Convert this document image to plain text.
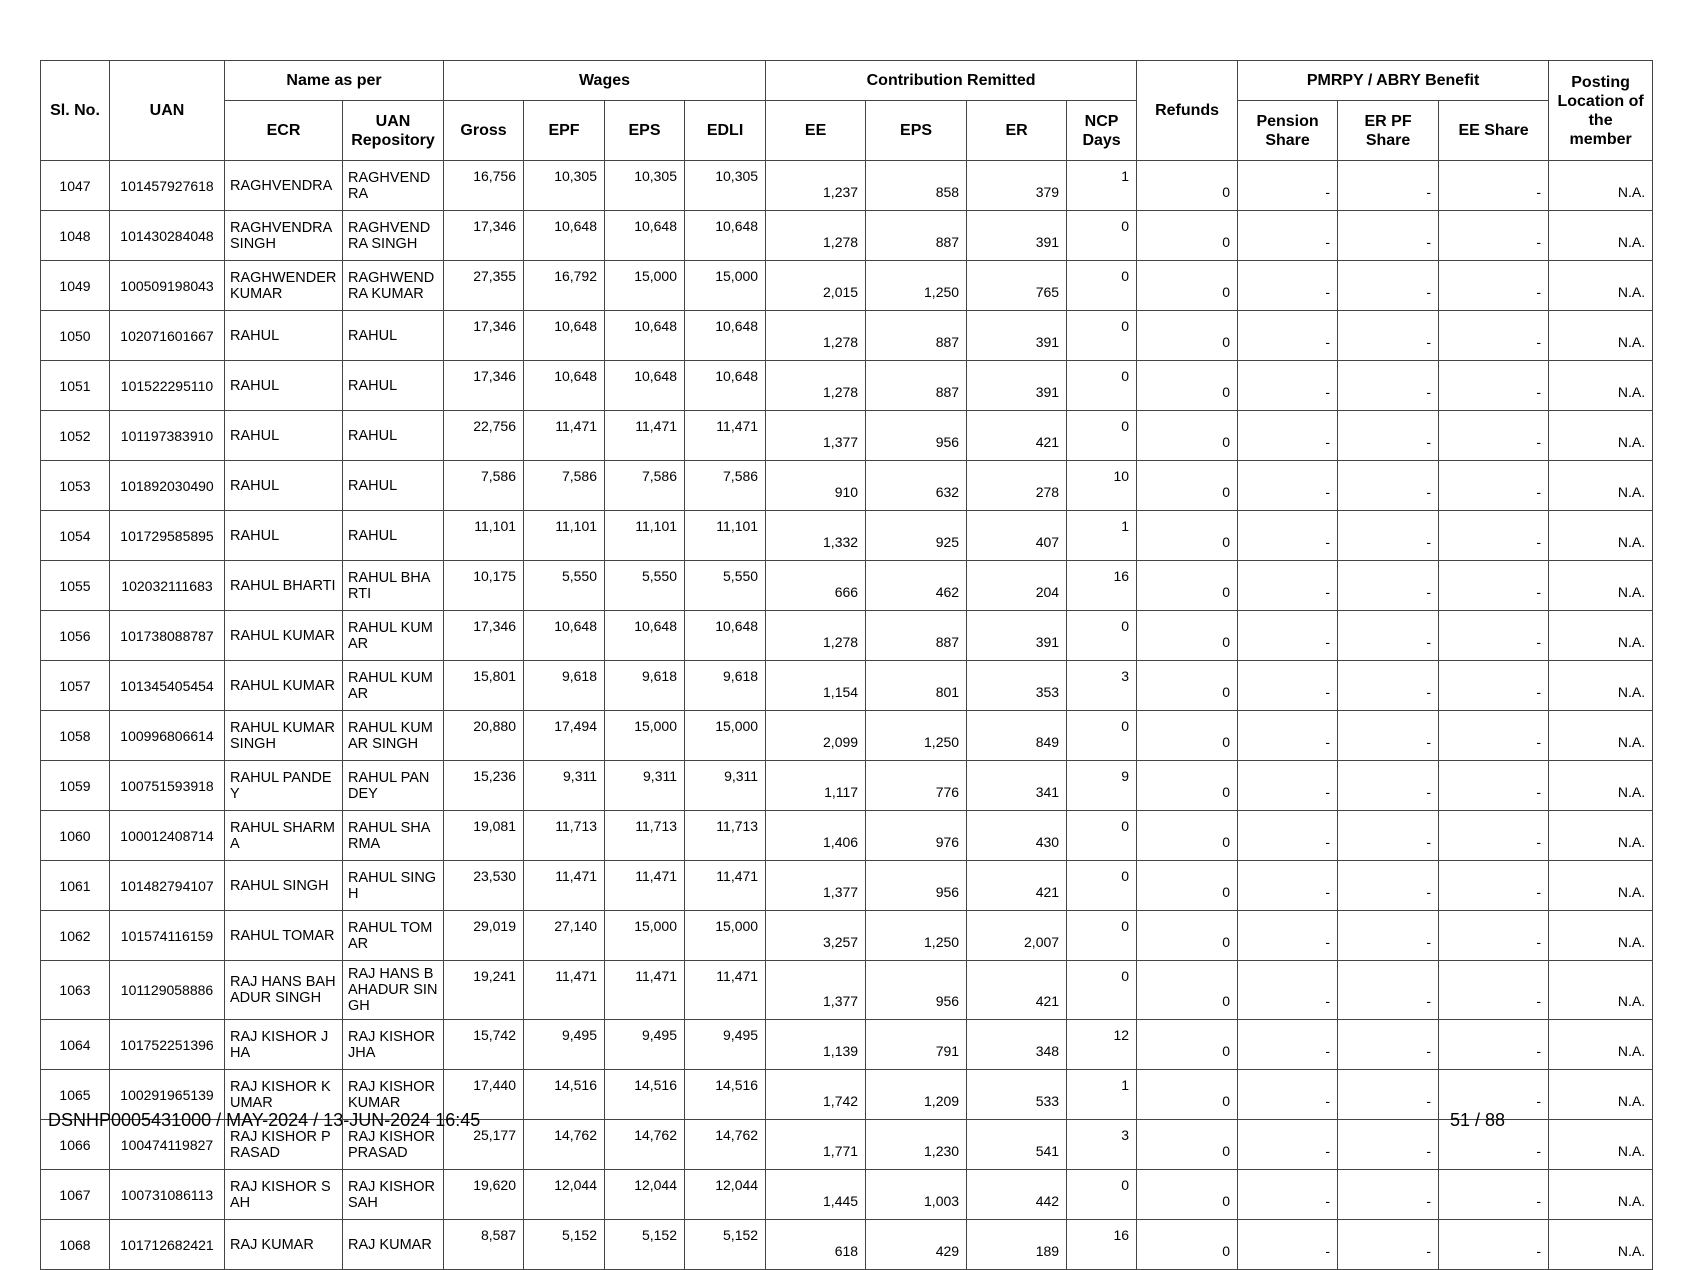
Sl. No.	UAN	Name as per		Wages				Contribution Remitted				Refunds	PMRPY / ABRY Benefit			Posting Location of the member
		ECR	UAN Repository	Gross	EPF	EPS	EDLI	EE	EPS	ER	NCP Days		Pension Share	ER PF Share	EE Share	
1047	101457927618	RAGHVENDRA	RAGHVENDRA	16,756	10,305	10,305	10,305	1,237	858	379	1	0	-	-	-	N.A.
1048	101430284048	RAGHVENDRA SINGH	RAGHVENDRA SINGH	17,346	10,648	10,648	10,648	1,278	887	391	0	0	-	-	-	N.A.
1049	100509198043	RAGHWENDER KUMAR	RAGHWENDRA KUMAR	27,355	16,792	15,000	15,000	2,015	1,250	765	0	0	-	-	-	N.A.
1050	102071601667	RAHUL	RAHUL	17,346	10,648	10,648	10,648	1,278	887	391	0	0	-	-	-	N.A.
1051	101522295110	RAHUL	RAHUL	17,346	10,648	10,648	10,648	1,278	887	391	0	0	-	-	-	N.A.
1052	101197383910	RAHUL	RAHUL	22,756	11,471	11,471	11,471	1,377	956	421	0	0	-	-	-	N.A.
1053	101892030490	RAHUL	RAHUL	7,586	7,586	7,586	7,586	910	632	278	10	0	-	-	-	N.A.
1054	101729585895	RAHUL	RAHUL	11,101	11,101	11,101	11,101	1,332	925	407	1	0	-	-	-	N.A.
1055	102032111683	RAHUL BHARTI	RAHUL BHARTI	10,175	5,550	5,550	5,550	666	462	204	16	0	-	-	-	N.A.
1056	101738088787	RAHUL KUMAR	RAHUL KUMAR	17,346	10,648	10,648	10,648	1,278	887	391	0	0	-	-	-	N.A.
1057	101345405454	RAHUL KUMAR	RAHUL KUMAR	15,801	9,618	9,618	9,618	1,154	801	353	3	0	-	-	-	N.A.
1058	100996806614	RAHUL KUMAR SINGH	RAHUL KUMAR SINGH	20,880	17,494	15,000	15,000	2,099	1,250	849	0	0	-	-	-	N.A.
1059	100751593918	RAHUL PANDEY	RAHUL PANDEY	15,236	9,311	9,311	9,311	1,117	776	341	9	0	-	-	-	N.A.
1060	100012408714	RAHUL SHARMA	RAHUL SHARMA	19,081	11,713	11,713	11,713	1,406	976	430	0	0	-	-	-	N.A.
1061	101482794107	RAHUL SINGH	RAHUL SINGH	23,530	11,471	11,471	11,471	1,377	956	421	0	0	-	-	-	N.A.
1062	101574116159	RAHUL TOMAR	RAHUL TOMAR	29,019	27,140	15,000	15,000	3,257	1,250	2,007	0	0	-	-	-	N.A.
1063	101129058886	RAJ HANS BAHADUR SINGH	RAJ HANS BAHADUR SINGH	19,241	11,471	11,471	11,471	1,377	956	421	0	0	-	-	-	N.A.
1064	101752251396	RAJ KISHOR JHA	RAJ KISHOR JHA	15,742	9,495	9,495	9,495	1,139	791	348	12	0	-	-	-	N.A.
1065	100291965139	RAJ KISHOR KUMAR	RAJ KISHOR KUMAR	17,440	14,516	14,516	14,516	1,742	1,209	533	1	0	-	-	-	N.A.
1066	100474119827	RAJ KISHOR PRASAD	RAJ KISHOR PRASAD	25,177	14,762	14,762	14,762	1,771	1,230	541	3	0	-	-	-	N.A.
1067	100731086113	RAJ KISHOR SAH	RAJ KISHOR SAH	19,620	12,044	12,044	12,044	1,445	1,003	442	0	0	-	-	-	N.A.
1068	101712682421	RAJ KUMAR	RAJ KUMAR	8,587	5,152	5,152	5,152	618	429	189	16	0	-	-	-	N.A.
DSNHP0005431000 / MAY-2024 / 13-JUN-2024 16:45	51 / 88
